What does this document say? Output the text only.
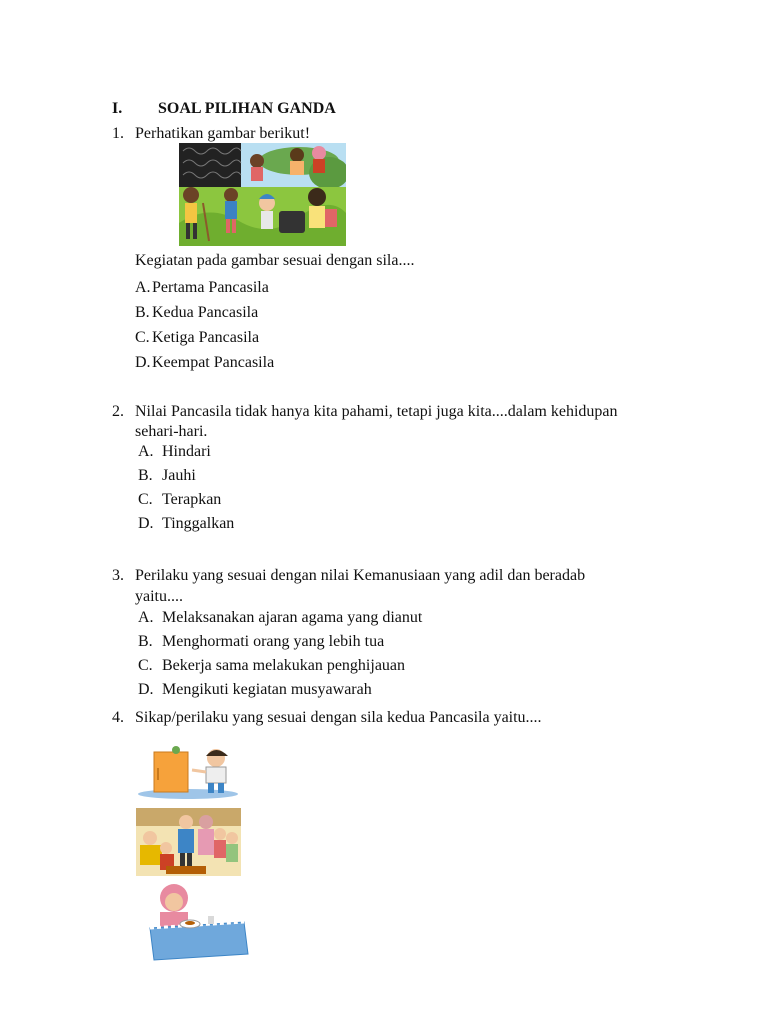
I. SOAL PILIHAN GANDA
1. Perhatikan gambar berikut!
Kegiatan pada gambar sesuai dengan sila....
A. Pertama Pancasila
B. Kedua Pancasila
C. Ketiga Pancasila
D. Keempat Pancasila
2. Nilai Pancasila tidak hanya kita pahami, tetapi juga kita....dalam kehidupan
sehari-hari.
A. Hindari
B. Jauhi
C. Terapkan
D. Tinggalkan
3. Perilaku yang sesuai dengan nilai Kemanusiaan yang adil dan beradab
yaitu....
A. Melaksanakan ajaran agama yang dianut
B. Menghormati orang yang lebih tua
C. Bekerja sama melakukan penghijauan
D. Mengikuti kegiatan musyawarah
4. Sikap/perilaku yang sesuai dengan sila kedua Pancasila yaitu....
